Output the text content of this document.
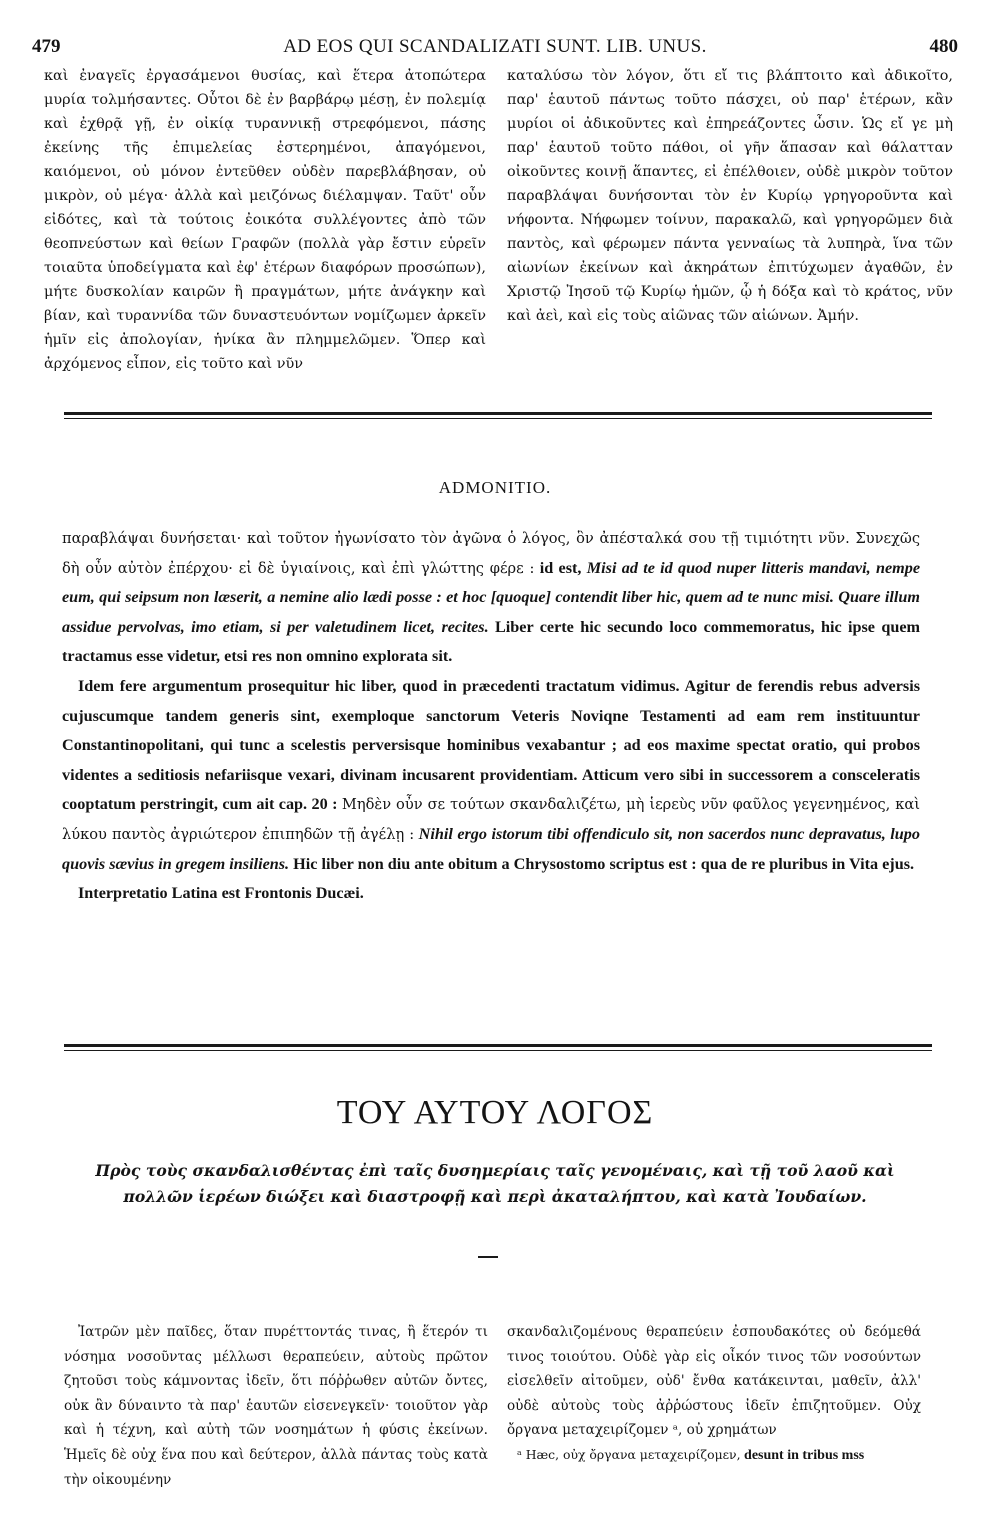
479	AD EOS QUI SCANDALIZATI SUNT. LIB. UNUS.	480

καὶ ἐναγεῖς ἐργασάμενοι θυσίας, καὶ ἕτερα ἀτοπώτερα μυρία τολμήσαντες. Οὗτοι δὲ ἐν βαρβάρῳ μέσῃ, ἐν πολεμίᾳ καὶ ἐχθρᾷ γῇ, ἐν οἰκίᾳ τυραννικῇ στρεφόμενοι, πάσης ἐκείνης τῆς ἐπιμελείας ἐστερημένοι, ἀπαγόμενοι, καιόμενοι, οὐ μόνον ἐντεῦθεν οὐδὲν παρεβλάβησαν, οὐ μικρὸν, οὐ μέγα· ἀλλὰ καὶ μειζόνως διέλαμψαν. Ταῦτ' οὖν εἰδότες, καὶ τὰ τούτοις ἐοικότα συλλέγοντες ἀπὸ τῶν θεοπνεύστων καὶ θείων Γραφῶν (πολλὰ γὰρ ἔστιν εὑρεῖν τοιαῦτα ὑποδείγματα καὶ ἐφ' ἑτέρων διαφόρων προσώπων), μήτε δυσκολίαν καιρῶν ἢ πραγμάτων, μήτε ἀνάγκην καὶ βίαν, καὶ τυραννίδα τῶν δυναστευόντων νομίζωμεν ἀρκεῖν ἡμῖν εἰς ἀπολογίαν, ἡνίκα ἂν πλημμελῶμεν. Ὅπερ καὶ ἀρχόμενος εἶπον, εἰς τοῦτο καὶ νῦν

καταλύσω τὸν λόγον, ὅτι εἴ τις βλάπτοιτο καὶ ἀδικοῖτο, παρ' ἑαυτοῦ πάντως τοῦτο πάσχει, οὐ παρ' ἑτέρων, κἂν μυρίοι οἱ ἀδικοῦντες καὶ ἐπηρεάζοντες ὦσιν. Ὡς εἴ γε μὴ παρ' ἑαυτοῦ τοῦτο πάθοι, οἱ γῆν ἅπασαν καὶ θάλατταν οἰκοῦντες κοινῇ ἅπαντες, εἰ ἐπέλθοιεν, οὐδὲ μικρὸν τοῦτον παραβλάψαι δυνήσονται τὸν ἐν Κυρίῳ γρηγοροῦντα καὶ νήφοντα. Νήφωμεν τοίνυν, παρακαλῶ, καὶ γρηγορῶμεν διὰ παντὸς, καὶ φέρωμεν πάντα γενναίως τὰ λυπηρὰ, ἵνα τῶν αἰωνίων ἐκείνων καὶ ἀκηράτων ἐπιτύχωμεν ἀγαθῶν, ἐν Χριστῷ Ἰησοῦ τῷ Κυρίῳ ἡμῶν, ᾧ ἡ δόξα καὶ τὸ κράτος, νῦν καὶ ἀεὶ, καὶ εἰς τοὺς αἰῶνας τῶν αἰώνων. Ἀμήν.

ADMONITIO.

παραβλάψαι δυνήσεται· καὶ τοῦτον ἠγωνίσατο τὸν ἀγῶνα ὁ λόγος, ὃν ἀπέσταλκά σου τῇ τιμιότητι νῦν. Συνεχῶς δὴ οὖν αὐτὸν ἐπέρχου· εἰ δὲ ὑγιαίνοις, καὶ ἐπὶ γλώττης φέρε : id est, Misi ad te id quod nuper litteris mandavi, nempe eum, qui seipsum non læserit, a nemine alio lædi posse : et hoc [quoque] contendit liber hic, quem ad te nunc misi. Quare illum assidue pervolvas, imo etiam, si per valetudinem licet, recites. Liber certe hic secundo loco commemoratus, hic ipse quem tractamus esse videtur, etsi res non omnino explorata sit.

Idem fere argumentum prosequitur hic liber, quod in præcedenti tractatum vidimus. Agitur de ferendis rebus adversis cujuscumque tandem generis sint, exemploque sanctorum Veteris Noviqne Testamenti ad eam rem instituuntur Constantinopolitani, qui tunc a scelestis perversisque hominibus vexabantur ; ad eos maxime spectat oratio, qui probos videntes a seditiosis nefariisque vexari, divinam incusarent providentiam. Atticum vero sibi in successorem a consceleratis cooptatum perstringit, cum ait cap. 20 : Μηδὲν οὖν σε τούτων σκανδαλιζέτω, μὴ ἱερεὺς νῦν φαῦλος γεγενημένος, καὶ λύκου παντὸς ἀγριώτερον ἐπιπηδῶν τῇ ἀγέλῃ : Nihil ergo istorum tibi offendiculo sit, non sacerdos nunc depravatus, lupo quovis sævius in gregem insiliens. Hic liber non diu ante obitum a Chrysostomo scriptus est : qua de re pluribus in Vita ejus.

Interpretatio Latina est Frontonis Ducæi.

ΤΟΥ ΑΥΤΟΥ ΛΟΓΟΣ
Πρὸς τοὺς σκανδαλισθέντας ἐπὶ ταῖς δυσημερίαις ταῖς γενομέναις, καὶ τῇ τοῦ λαοῦ καὶ πολλῶν ἱερέων διώξει καὶ διαστροφῇ καὶ περὶ ἀκαταλήπτου, καὶ κατὰ Ἰουδαίων.

Ἰατρῶν μὲν παῖδες, ὅταν πυρέττοντάς τινας, ἢ ἕτερόν τι νόσημα νοσοῦντας μέλλωσι θεραπεύειν, αὐτοὺς πρῶτον ζητοῦσι τοὺς κάμνοντας ἰδεῖν, ὅτι πόῤῥωθεν αὐτῶν ὄντες, οὐκ ἂν δύναιντο τὰ παρ' ἑαυτῶν εἰσενεγκεῖν· τοιοῦτον γὰρ καὶ ἡ τέχνη, καὶ αὐτὴ τῶν νοσημάτων ἡ φύσις ἐκείνων. Ἡμεῖς δὲ οὐχ ἕνα που καὶ δεύτερον, ἀλλὰ πάντας τοὺς κατὰ τὴν οἰκουμένην

σκανδαλιζομένους θεραπεύειν ἐσπουδακότες οὐ δεόμεθά τινος τοιούτου. Οὐδὲ γὰρ εἰς οἶκόν τινος τῶν νοσούντων εἰσελθεῖν αἰτοῦμεν, οὐδ' ἔνθα κατάκεινται, μαθεῖν, ἀλλ' οὐδὲ αὐτοὺς τοὺς ἀῤῥώστους ἰδεῖν ἐπιζητοῦμεν. Οὐχ ὄργανα μεταχειρίζομεν ᵃ, οὐ χρημάτων

ᵃ Hæc, οὐχ ὄργανα μεταχειρίζομεν, desunt in tribus mss
